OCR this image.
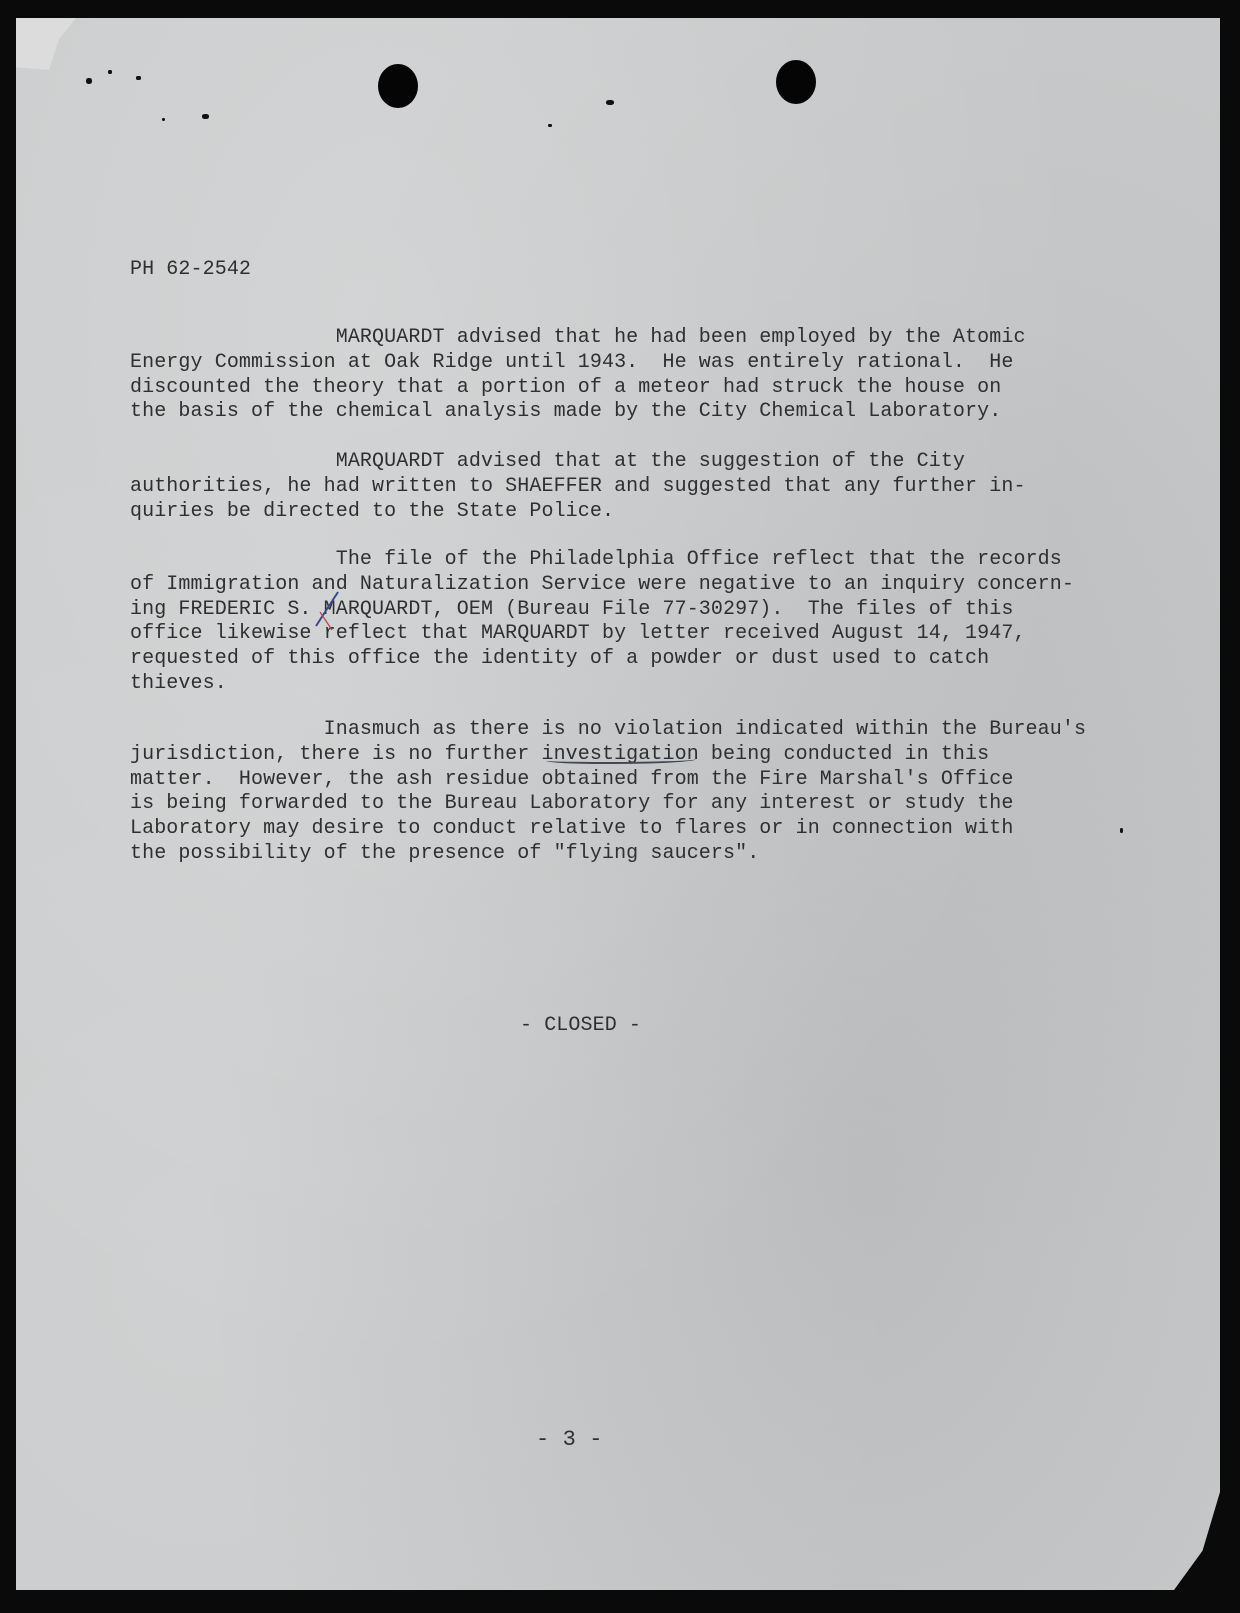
PH 62-2542

MARQUARDT advised that he had been employed by the Atomic
Energy Commission at Oak Ridge until 1943.  He was entirely rational.  He
discounted the theory that a portion of a meteor had struck the house on
the basis of the chemical analysis made by the City Chemical Laboratory.

MARQUARDT advised that at the suggestion of the City
authorities, he had written to SHAEFFER and suggested that any further in-
quiries be directed to the State Police.

The file of the Philadelphia Office reflect that the records
of Immigration and Naturalization Service were negative to an inquiry concern-
ing FREDERIC S. MARQUARDT, OEM (Bureau File 77-30297).  The files of this
office likewise reflect that MARQUARDT by letter received August 14, 1947,
requested of this office the identity of a powder or dust used to catch
thieves.

Inasmuch as there is no violation indicated within the Bureau's
jurisdiction, there is no further investigation being conducted in this
matter.  However, the ash residue obtained from the Fire Marshal's Office
is being forwarded to the Bureau Laboratory for any interest or study the
Laboratory may desire to conduct relative to flares or in connection with
the possibility of the presence of "flying saucers".

- CLOSED -

- 3 -
